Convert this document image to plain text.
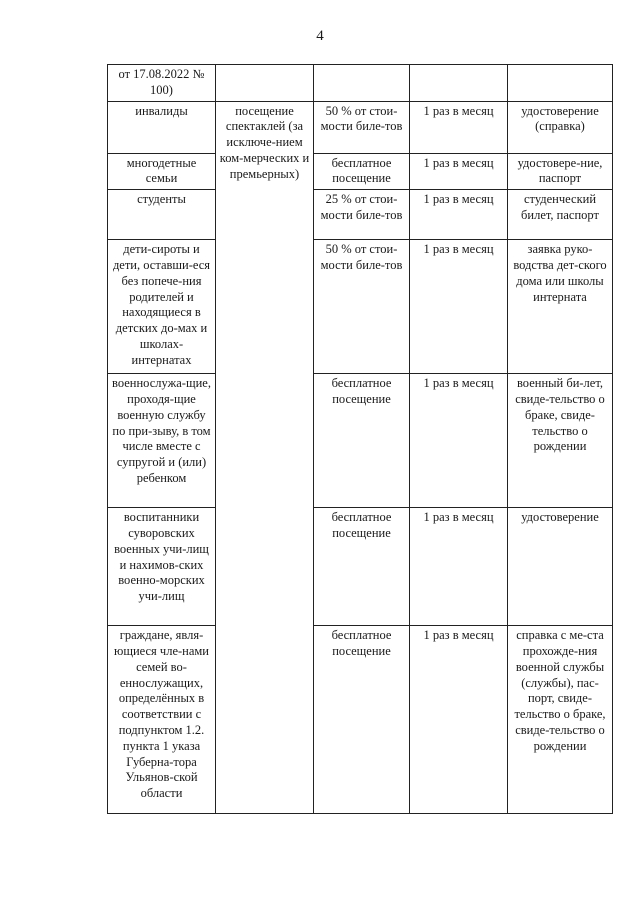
4
от 17.08.2022 № 100)				
инвалиды	посещение спектаклей (за исключе-нием ком-мерческих и премьерных)	50 % от стои-мости биле-тов	1 раз в месяц	удостоверение (справка)
многодетные семьи		бесплатное посещение	1 раз в месяц	удостовере-ние, паспорт
студенты		25 % от стои-мости биле-тов	1 раз в месяц	студенческий билет, паспорт
дети-сироты и дети, оставши-еся без попече-ния родителей и находящиеся в детских до-мах и школах-интернатах		50 % от стои-мости биле-тов	1 раз в месяц	заявка руко-водства дет-ского дома или школы интерната
военнослужа-щие, проходя-щие военную службу по при-зыву, в том числе вместе с супругой и (или) ребенком		бесплатное посещение	1 раз в месяц	военный би-лет, свиде-тельство о браке, свиде-тельство о рождении
воспитанники суворовских военных учи-лищ и нахимов-ских военно-морских учи-лищ		бесплатное посещение	1 раз в месяц	удостоверение
граждане, явля-ющиеся чле-нами семей во-еннослужащих, определённых в соответствии с подпунктом 1.2. пункта 1 указа Губерна-тора Ульянов-ской области		бесплатное посещение	1 раз в месяц	справка с ме-ста прохожде-ния военной службы (службы), пас-порт, свиде-тельство о браке, свиде-тельство о рождении
